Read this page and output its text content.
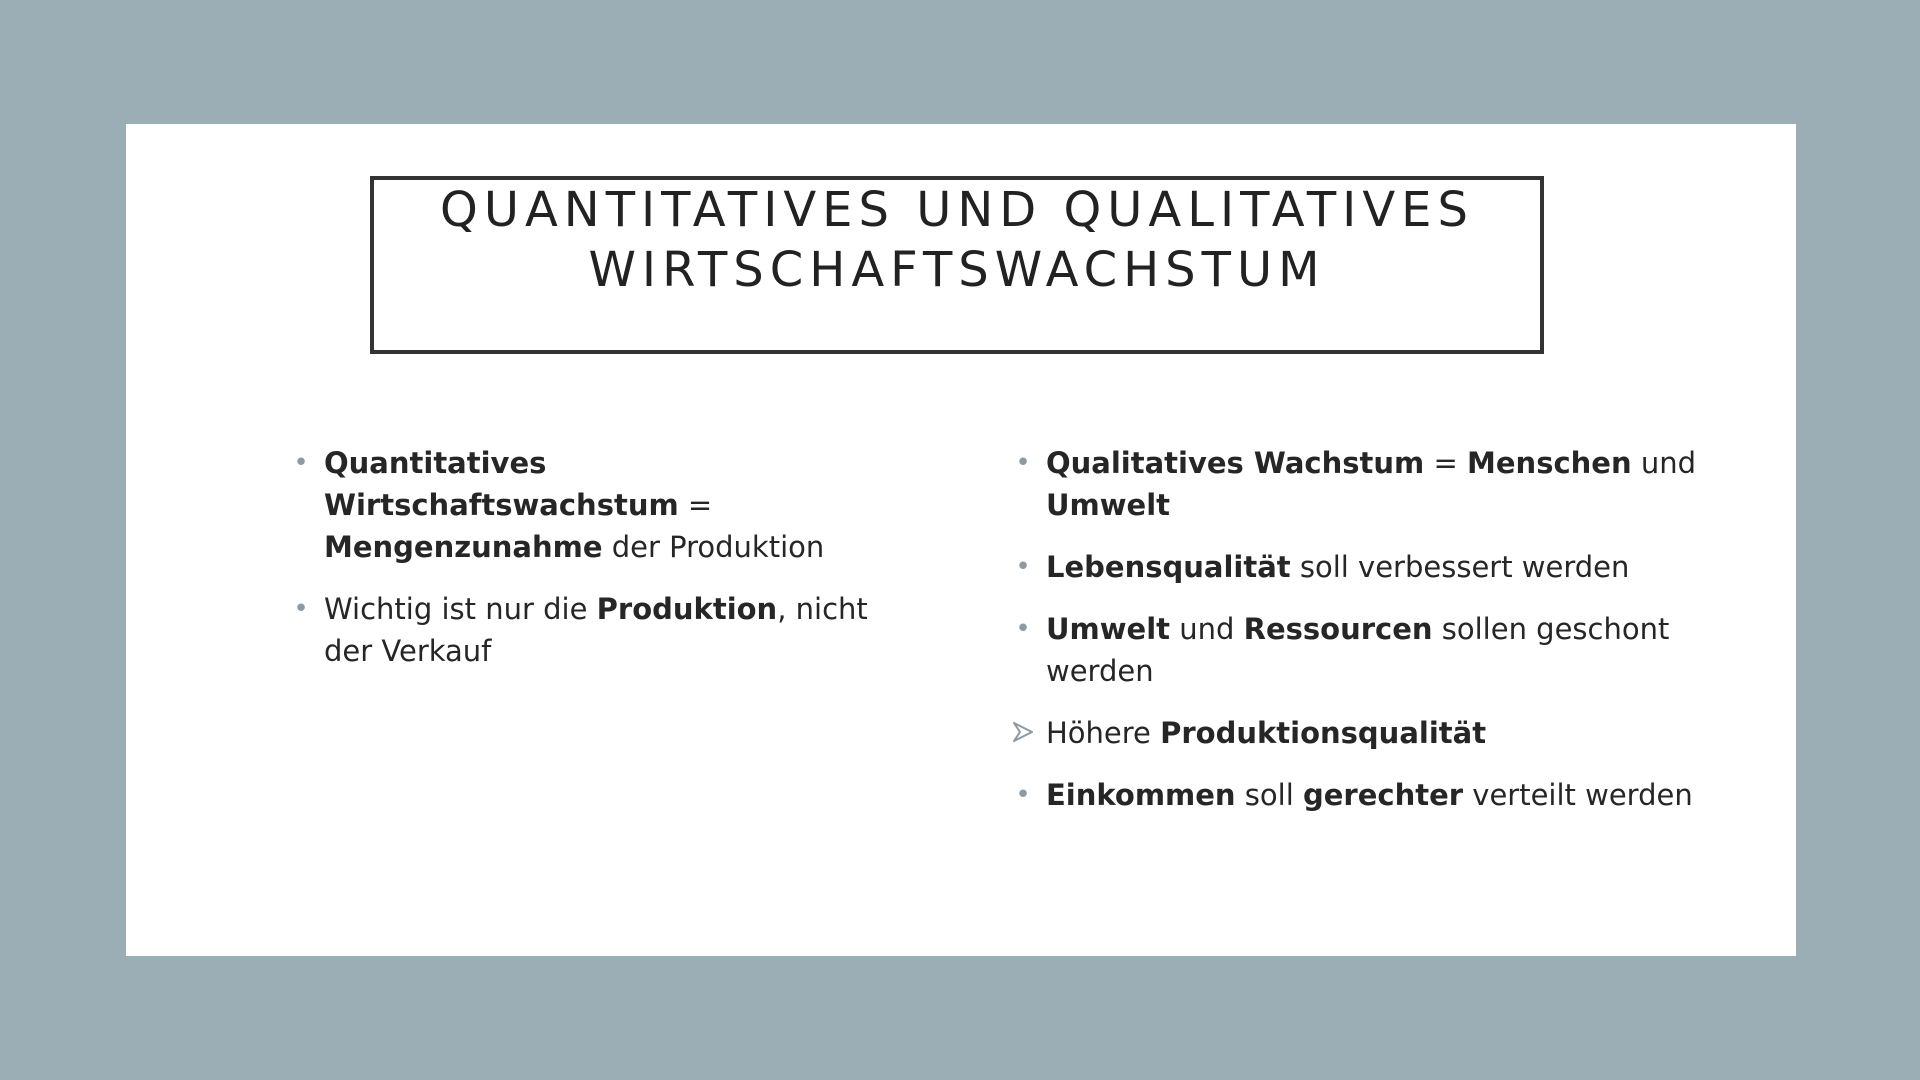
QUANTITATIVES UND QUALITATIVES
WIRTSCHAFTSWACHSTUM
• Quantitatives Wirtschaftswachstum = Mengenzunahme der Produktion
• Wichtig ist nur die Produktion, nicht der Verkauf
• Qualitatives Wachstum = Menschen und Umwelt
• Lebensqualität soll verbessert werden
• Umwelt und Ressourcen sollen geschont werden
Höhere Produktionsqualität
• Einkommen soll gerechter verteilt werden
